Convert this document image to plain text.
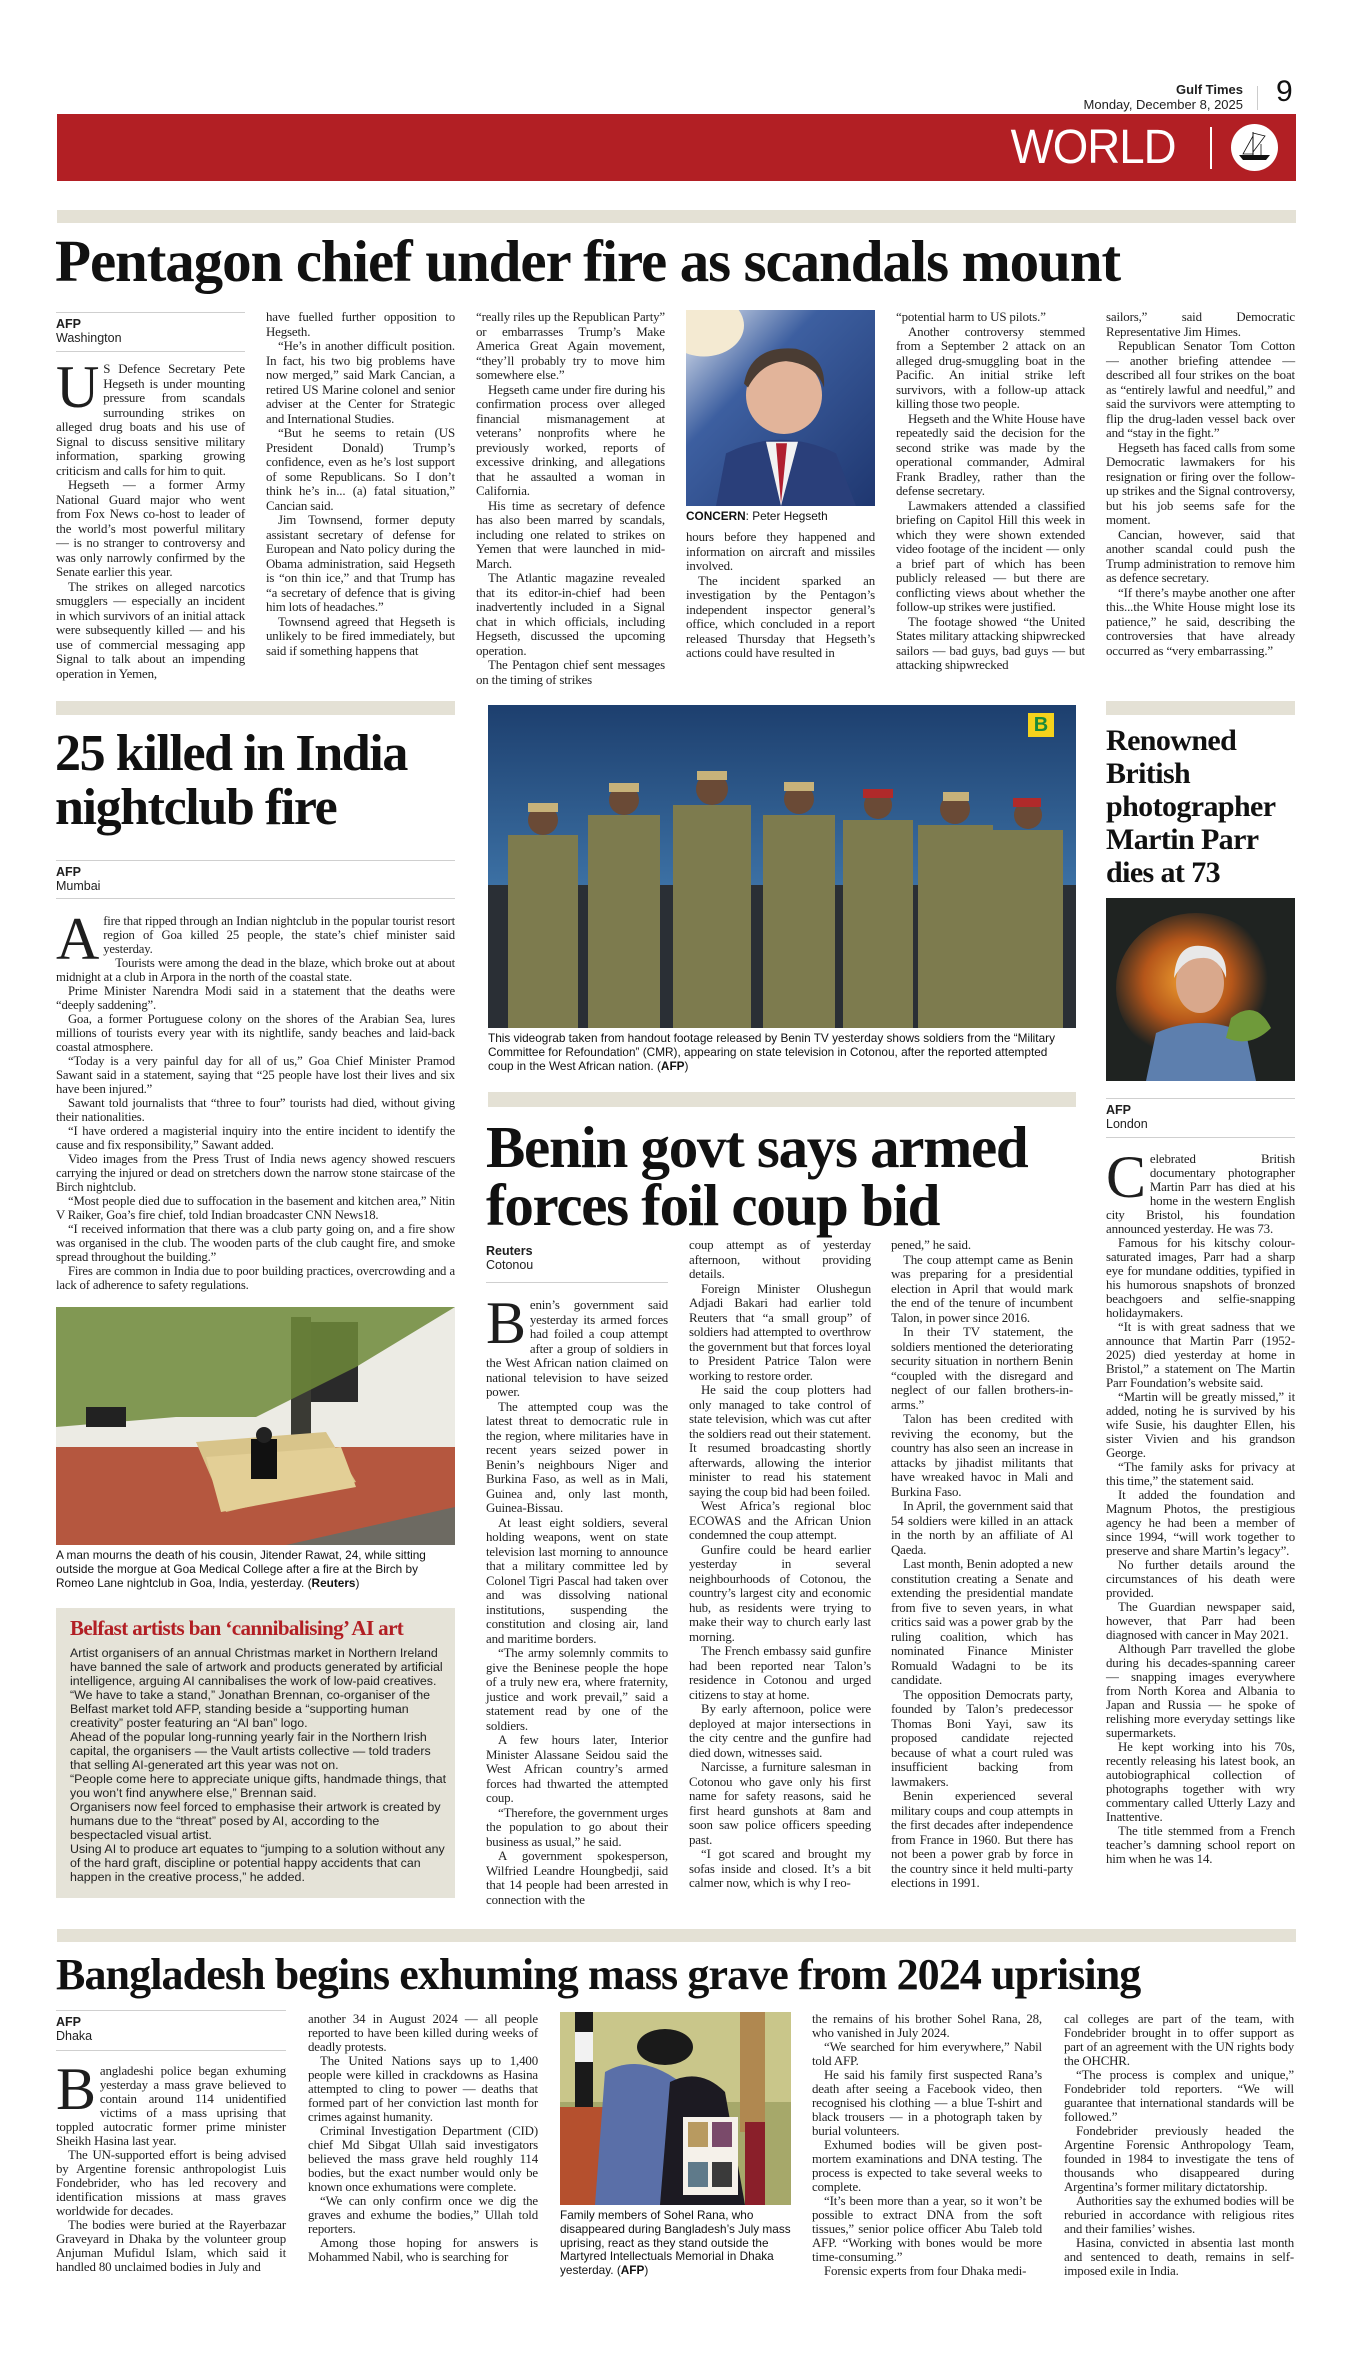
Gulf Times
Monday, December 8, 2025 9
WORLD
Pentagon chief under fire as scandals mount
AFP
Washington

US Defence Secretary Pete Hegseth is under mounting pressure from scandals surrounding strikes on alleged drug boats and his use of Signal to discuss sensitive military information, sparking growing criticism and calls for him to quit.

Hegseth — a former Army National Guard major who went from Fox News co-host to leader of the world’s most powerful military — is no stranger to controversy and was only narrowly confirmed by the Senate earlier this year.

The strikes on alleged narcotics smugglers — especially an incident in which survivors of an initial attack were subsequently killed — and his use of commercial messaging app Signal to talk about an impending operation in Yemen,

have fuelled further opposition to Hegseth.

“He’s in another difficult position. In fact, his two big problems have now merged,” said Mark Cancian, a retired US Marine colonel and senior adviser at the Center for Strategic and International Studies.

“But he seems to retain (US President Donald) Trump’s confidence, even as he’s lost support of some Republicans. So I don’t think he’s in... (a) fatal situation,” Cancian said.

Jim Townsend, former deputy assistant secretary of defense for European and Nato policy during the Obama administration, said Hegseth is “on thin ice,” and that Trump has “a secretary of defence that is giving him lots of headaches.”

Townsend agreed that Hegseth is unlikely to be fired immediately, but said if something happens that

“really riles up the Republican Party” or embarrasses Trump’s Make America Great Again movement, “they’ll probably try to move him somewhere else.”

Hegseth came under fire during his confirmation process over alleged financial mismanagement at veterans’ nonprofits where he previously worked, reports of excessive drinking, and allegations that he assaulted a woman in California.

His time as secretary of defence has also been marred by scandals, including one related to strikes on Yemen that were launched in mid-March.

The Atlantic magazine revealed that its editor-in-chief had been inadvertently included in a Signal chat in which officials, including Hegseth, discussed the upcoming operation.

The Pentagon chief sent messages on the timing of strikes

CONCERN: Peter Hegseth

hours before they happened and information on aircraft and missiles involved.

The incident sparked an investigation by the Pentagon’s independent inspector general’s office, which concluded in a report released Thursday that Hegseth’s actions could have resulted in

“potential harm to US pilots.”

Another controversy stemmed from a September 2 attack on an alleged drug-smuggling boat in the Pacific. An initial strike left survivors, with a follow-up attack killing those two people.

Hegseth and the White House have repeatedly said the decision for the second strike was made by the operational commander, Admiral Frank Bradley, rather than the defense secretary.

Lawmakers attended a classified briefing on Capitol Hill this week in which they were shown extended video footage of the incident — only a brief part of which has been publicly released — but there are conflicting views about whether the follow-up strikes were justified.

The footage showed “the United States military attacking shipwrecked sailors — bad guys, bad guys — but attacking shipwrecked

sailors,” said Democratic Representative Jim Himes.

Republican Senator Tom Cotton — another briefing attendee — described all four strikes on the boat as “entirely lawful and needful,” and said the survivors were attempting to flip the drug-laden vessel back over and “stay in the fight.”

Hegseth has faced calls from some Democratic lawmakers for his resignation or firing over the follow-up strikes and the Signal controversy, but his job seems safe for the moment.

Cancian, however, said that another scandal could push the Trump administration to remove him as defence secretary.

“If there’s maybe another one after this...the White House might lose its patience,” he said, describing the controversies that have already occurred as “very embarrassing.”

25 killed in India nightclub fire
AFP
Mumbai

Afire that ripped through an Indian nightclub in the popular tourist resort region of Goa killed 25 people, the state’s chief minister said yesterday.

Tourists were among the dead in the blaze, which broke out at about midnight at a club in Arpora in the north of the coastal state.

Prime Minister Narendra Modi said in a statement that the deaths were “deeply saddening”.

Goa, a former Portuguese colony on the shores of the Arabian Sea, lures millions of tourists every year with its nightlife, sandy beaches and laid-back coastal atmosphere.

“Today is a very painful day for all of us,” Goa Chief Minister Pramod Sawant said in a statement, saying that “25 people have lost their lives and six have been injured.”

Sawant told journalists that “three to four” tourists had died, without giving their nationalities.

“I have ordered a magisterial inquiry into the entire incident to identify the cause and fix responsibility,” Sawant added.

Video images from the Press Trust of India news agency showed rescuers carrying the injured or dead on stretchers down the narrow stone staircase of the Birch nightclub.

“Most people died due to suffocation in the basement and kitchen area,” Nitin V Raiker, Goa’s fire chief, told Indian broadcaster CNN News18.

“I received information that there was a club party going on, and a fire show was organised in the club. The wooden parts of the club caught fire, and smoke spread throughout the building.”

Fires are common in India due to poor building practices, overcrowding and a lack of adherence to safety regulations.

A man mourns the death of his cousin, Jitender Rawat, 24, while sitting outside the morgue at Goa Medical College after a fire at the Birch by Romeo Lane nightclub in Goa, India, yesterday. ( Reuters )
Belfast artists ban ‘cannibalising’ AI art

Artist organisers of an annual Christmas market in Northern Ireland have banned the sale of artwork and products generated by artificial intelligence, arguing AI cannibalises the work of low-paid creatives.

“We have to take a stand,” Jonathan Brennan, co-organiser of the Belfast market told AFP, standing beside a “supporting human creativity” poster featuring an “AI ban” logo.

Ahead of the popular long-running yearly fair in the Northern Irish capital, the organisers — the Vault artists collective — told traders that selling AI-generated art this year was not on.

“People come here to appreciate unique gifts, handmade things, that you won’t find anywhere else,” Brennan said.

Organisers now feel forced to emphasise their artwork is created by humans due to the “threat” posed by AI, according to the bespectacled visual artist.

Using AI to produce art equates to “jumping to a solution without any of the hard graft, discipline or potential happy accidents that can happen in the creative process,” he added.

B
This videograb taken from handout footage released by Benin TV yesterday shows soldiers from the “Military Committee for Refoundation” (CMR), appearing on state television in Cotonou, after the reported attempted coup in the West African nation. ( AFP )
Benin govt says armed forces foil coup bid
Reuters
Cotonou

Benin’s government said yesterday its armed forces had foiled a coup attempt after a group of soldiers in the West African nation claimed on national television to have seized power.

The attempted coup was the latest threat to democratic rule in the region, where militaries have in recent years seized power in Benin’s neighbours Niger and Burkina Faso, as well as in Mali, Guinea and, only last month, Guinea-Bissau.

At least eight soldiers, several holding weapons, went on state television last morning to announce that a military committee led by Colonel Tigri Pascal had taken over and was dissolving national institutions, suspending the constitution and closing air, land and maritime borders.

“The army solemnly commits to give the Beninese people the hope of a truly new era, where fraternity, justice and work prevail,” said a statement read by one of the soldiers.

A few hours later, Interior Minister Alassane Seidou said the West African country’s armed forces had thwarted the attempted coup.

“Therefore, the government urges the population to go about their business as usual,” he said.

A government spokesperson, Wilfried Leandre Houngbedji, said that 14 people had been arrested in connection with the

coup attempt as of yesterday afternoon, without providing details.

Foreign Minister Olushegun Adjadi Bakari had earlier told Reuters that “a small group” of soldiers had attempted to overthrow the government but that forces loyal to President Patrice Talon were working to restore order.

He said the coup plotters had only managed to take control of state television, which was cut after the soldiers read out their statement. It resumed broadcasting shortly afterwards, allowing the interior minister to read his statement saying the coup bid had been foiled.

West Africa’s regional bloc ECOWAS and the African Union condemned the coup attempt.

Gunfire could be heard earlier yesterday in several neighbourhoods of Cotonou, the country’s largest city and economic hub, as residents were trying to make their way to church early last morning.

The French embassy said gunfire had been reported near Talon’s residence in Cotonou and urged citizens to stay at home.

By early afternoon, police were deployed at major intersections in the city centre and the gunfire had died down, witnesses said.

Narcisse, a furniture salesman in Cotonou who gave only his first name for safety reasons, said he first heard gunshots at 8am and soon saw police officers speeding past.

“I got scared and brought my sofas inside and closed. It’s a bit calmer now, which is why I reo-

pened,” he said.

The coup attempt came as Benin was preparing for a presidential election in April that would mark the end of the tenure of incumbent Talon, in power since 2016.

In their TV statement, the soldiers mentioned the deteriorating security situation in northern Benin “coupled with the disregard and neglect of our fallen brothers-in-arms.”

Talon has been credited with reviving the economy, but the country has also seen an increase in attacks by jihadist militants that have wreaked havoc in Mali and Burkina Faso.

In April, the government said that 54 soldiers were killed in an attack in the north by an affiliate of Al Qaeda.

Last month, Benin adopted a new constitution creating a Senate and extending the presidential mandate from five to seven years, in what critics said was a power grab by the ruling coalition, which has nominated Finance Minister Romuald Wadagni to be its candidate.

The opposition Democrats party, founded by Talon’s predecessor Thomas Boni Yayi, saw its proposed candidate rejected because of what a court ruled was insufficient backing from lawmakers.

Benin experienced several military coups and coup attempts in the first decades after independence from France in 1960. But there has not been a power grab by force in the country since it held multi-party elections in 1991.

Renowned British photographer Martin Parr dies at 73
AFP
London

Celebrated British documentary photographer Martin Parr has died at his home in the western English city Bristol, his foundation announced yesterday. He was 73.

Famous for his kitschy colour-saturated images, Parr had a sharp eye for mundane oddities, typified in his humorous snapshots of bronzed beachgoers and selfie-snapping holidaymakers.

“It is with great sadness that we announce that Martin Parr (1952-2025) died yesterday at home in Bristol,” a statement on The Martin Parr Foundation’s website said.

“Martin will be greatly missed,” it added, noting he is survived by his wife Susie, his daughter Ellen, his sister Vivien and his grandson George.

“The family asks for privacy at this time,” the statement said.

It added the foundation and Magnum Photos, the prestigious agency he had been a member of since 1994, “will work together to preserve and share Martin’s legacy”.

No further details around the circumstances of his death were provided.

The Guardian newspaper said, however, that Parr had been diagnosed with cancer in May 2021.

Although Parr travelled the globe during his decades-spanning career — snapping images everywhere from North Korea and Albania to Japan and Russia — he spoke of relishing more everyday settings like supermarkets.

He kept working into his 70s, recently releasing his latest book, an autobiographical collection of photographs together with wry commentary called Utterly Lazy and Inattentive.

The title stemmed from a French teacher’s damning school report on him when he was 14.

Bangladesh begins exhuming mass grave from 2024 uprising
AFP
Dhaka

Bangladeshi police began exhuming yesterday a mass grave believed to contain around 114 unidentified victims of a mass uprising that toppled autocratic former prime minister Sheikh Hasina last year.

The UN-supported effort is being advised by Argentine forensic anthropologist Luis Fondebrider, who has led recovery and identification missions at mass graves worldwide for decades.

The bodies were buried at the Rayerbazar Graveyard in Dhaka by the volunteer group Anjuman Mufidul Islam, which said it handled 80 unclaimed bodies in July and

another 34 in August 2024 — all people reported to have been killed during weeks of deadly protests.

The United Nations says up to 1,400 people were killed in crackdowns as Hasina attempted to cling to power — deaths that formed part of her conviction last month for crimes against humanity.

Criminal Investigation Department (CID) chief Md Sibgat Ullah said investigators believed the mass grave held roughly 114 bodies, but the exact number would only be known once exhumations were complete.

“We can only confirm once we dig the graves and exhume the bodies,” Ullah told reporters.

Among those hoping for answers is Mohammed Nabil, who is searching for

Family members of Sohel Rana, who disappeared during Bangladesh’s July mass uprising, react as they stand outside the Martyred Intellectuals Memorial in Dhaka yesterday. ( AFP )

the remains of his brother Sohel Rana, 28, who vanished in July 2024.

“We searched for him everywhere,” Nabil told AFP.

He said his family first suspected Rana’s death after seeing a Facebook video, then recognised his clothing — a blue T-shirt and black trousers — in a photograph taken by burial volunteers.

Exhumed bodies will be given post-mortem examinations and DNA testing. The process is expected to take several weeks to complete.

“It’s been more than a year, so it won’t be possible to extract DNA from the soft tissues,” senior police officer Abu Taleb told AFP. “Working with bones would be more time-consuming.”

Forensic experts from four Dhaka medi-

cal colleges are part of the team, with Fondebrider brought in to offer support as part of an agreement with the UN rights body the OHCHR.

“The process is complex and unique,” Fondebrider told reporters. “We will guarantee that international standards will be followed.”

Fondebrider previously headed the Argentine Forensic Anthropology Team, founded in 1984 to investigate the tens of thousands who disappeared during Argentina’s former military dictatorship.

Authorities say the exhumed bodies will be reburied in accordance with religious rites and their families’ wishes.

Hasina, convicted in absentia last month and sentenced to death, remains in self-imposed exile in India.
